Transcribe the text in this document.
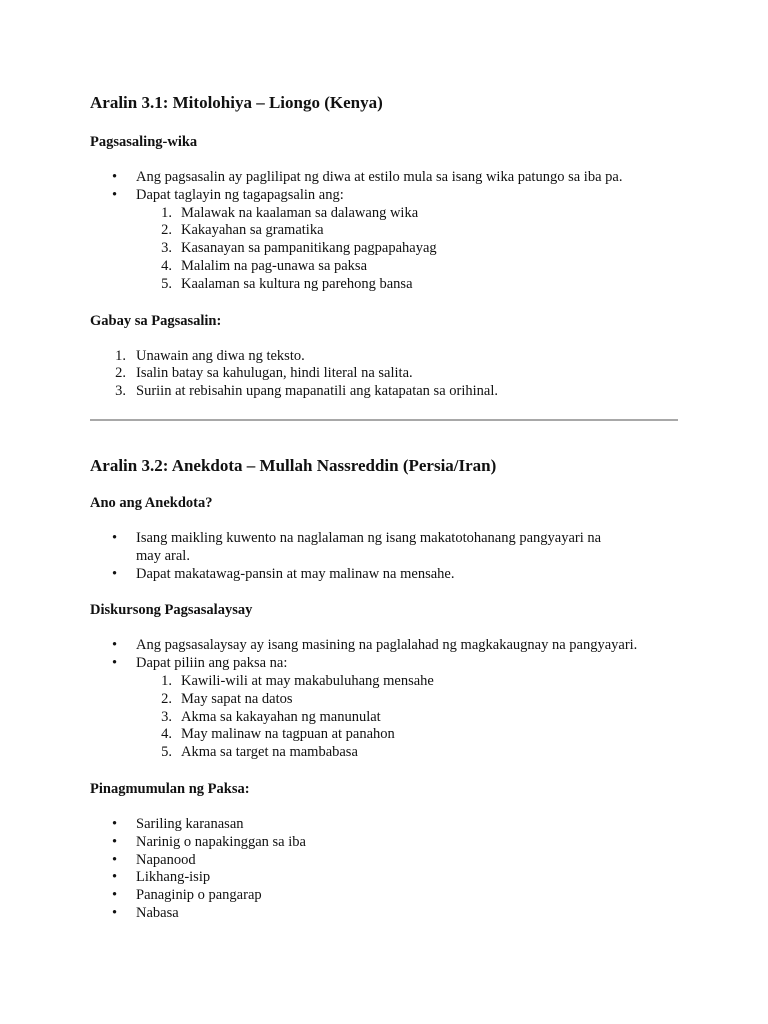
Aralin 3.1: Mitolohiya – Liongo (Kenya)
Pagsasaling-wika
• Ang pagsasalin ay paglilipat ng diwa at estilo mula sa isang wika patungo sa iba pa.
• Dapat taglayin ng tagapagsalin ang:
1. Malawak na kaalaman sa dalawang wika
2. Kakayahan sa gramatika
3. Kasanayan sa pampanitikang pagpapahayag
4. Malalim na pag-unawa sa paksa
5. Kaalaman sa kultura ng parehong bansa
Gabay sa Pagsasalin:
1. Unawain ang diwa ng teksto.
2. Isalin batay sa kahulugan, hindi literal na salita.
3. Suriin at rebisahin upang mapanatili ang katapatan sa orihinal.
Aralin 3.2: Anekdota – Mullah Nassreddin (Persia/Iran)
Ano ang Anekdota?
• Isang maikling kuwento na naglalaman ng isang makatotohanang pangyayari na may aral.
• Dapat makatawag-pansin at may malinaw na mensahe.
Diskursong Pagsasalaysay
• Ang pagsasalaysay ay isang masining na paglalahad ng magkakaugnay na pangyayari.
• Dapat piliin ang paksa na:
1. Kawili-wili at may makabuluhang mensahe
2. May sapat na datos
3. Akma sa kakayahan ng manunulat
4. May malinaw na tagpuan at panahon
5. Akma sa target na mambabasa
Pinagmumulan ng Paksa:
• Sariling karanasan
• Narinig o napakinggan sa iba
• Napanood
• Likhang-isip
• Panaginip o pangarap
• Nabasa
